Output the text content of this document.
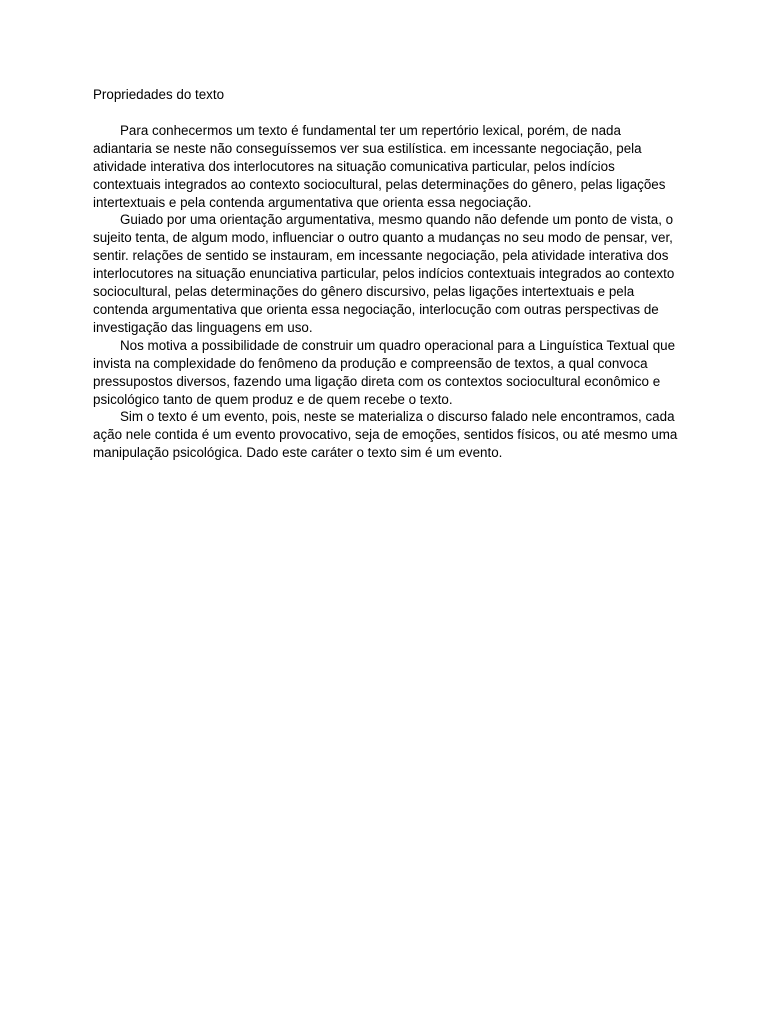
Propriedades do texto

Para conhecermos um texto é fundamental ter um repertório lexical, porém, de nada adiantaria se neste não conseguíssemos ver sua estilística. em incessante negociação, pela atividade interativa dos interlocutores na situação comunicativa particular, pelos indícios contextuais integrados ao contexto sociocultural, pelas determinações do gênero, pelas ligações intertextuais e pela contenda argumentativa que orienta essa negociação.

Guiado por uma orientação argumentativa, mesmo quando não defende um ponto de vista, o sujeito tenta, de algum modo, influenciar o outro quanto a mudanças no seu modo de pensar, ver, sentir. relações de sentido se instauram, em incessante negociação, pela atividade interativa dos interlocutores na situação enunciativa particular, pelos indícios contextuais integrados ao contexto sociocultural, pelas determinações do gênero discursivo, pelas ligações intertextuais e pela contenda argumentativa que orienta essa negociação, interlocução com outras perspectivas de investigação das linguagens em uso.

Nos motiva a possibilidade de construir um quadro operacional para a Linguística Textual que invista na complexidade do fenômeno da produção e compreensão de textos, a qual convoca pressupostos diversos, fazendo uma ligação direta com os contextos sociocultural econômico e psicológico tanto de quem produz e de quem recebe o texto.

Sim o texto é um evento, pois, neste se materializa o discurso falado nele encontramos, cada ação nele contida é um evento provocativo, seja de emoções, sentidos físicos, ou até mesmo uma manipulação psicológica. Dado este caráter o texto sim é um evento.
